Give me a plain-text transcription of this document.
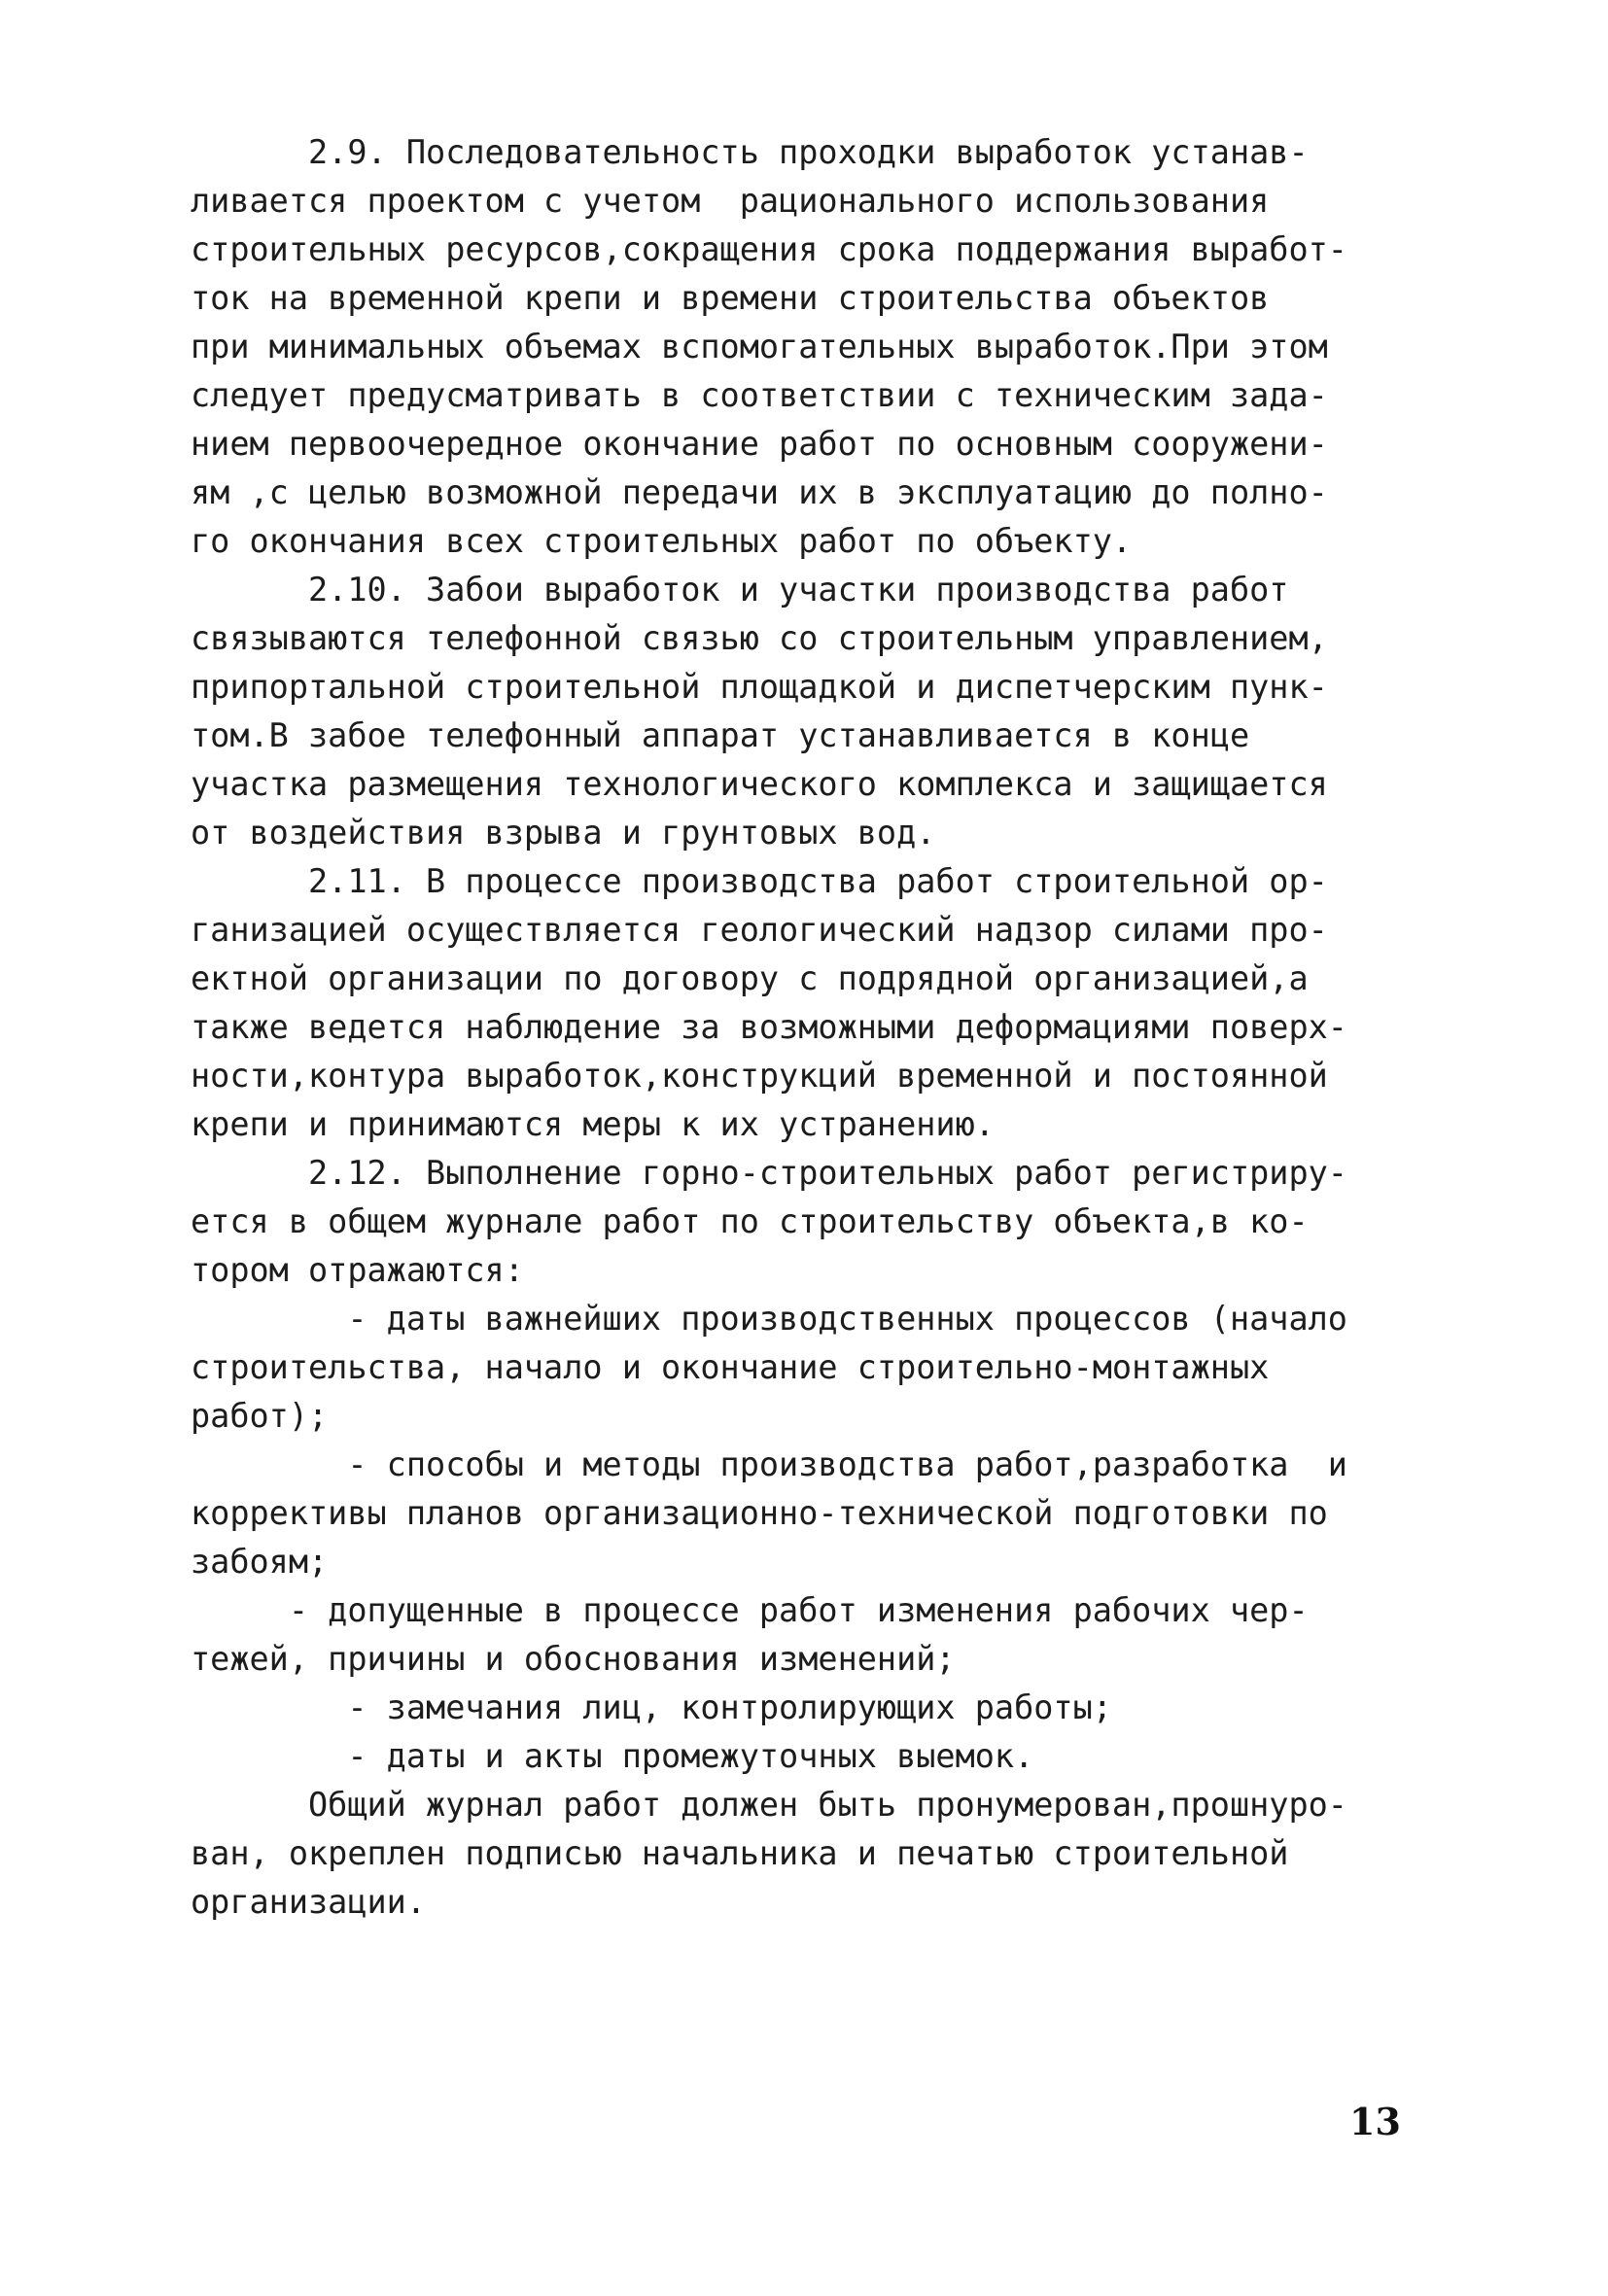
2.9. Последовательность проходки выработок устанав-
ливается проектом с учетом  рационального использования
строительных ресурсов,сокращения срока поддержания выработ-
ток на временной крепи и времени строительства объектов
при минимальных объемах вспомогательных выработок.При этом
следует предусматривать в соответствии с техническим зада-
нием первоочередное окончание работ по основным сооружени-
ям ,с целью возможной передачи их в эксплуатацию до полно-
го окончания всех строительных работ по объекту.
2.10. Забои выработок и участки производства работ
связываются телефонной связью со строительным управлением,
припортальной строительной площадкой и диспетчерским пунк-
том.В забое телефонный аппарат устанавливается в конце
участка размещения технологического комплекса и защищается
от воздействия взрыва и грунтовых вод.
2.11. В процессе производства работ строительной ор-
ганизацией осуществляется геологический надзор силами про-
ектной организации по договору с подрядной организацией,а
также ведется наблюдение за возможными деформациями поверх-
ности,контура выработок,конструкций временной и постоянной
крепи и принимаются меры к их устранению.
2.12. Выполнение горно-строительных работ регистриру-
ется в общем журнале работ по строительству объекта,в ко-
тором отражаются:
- даты важнейших производственных процессов (начало
строительства, начало и окончание строительно-монтажных
работ);
- способы и методы производства работ,разработка  и
коррективы планов организационно-технической подготовки по
забоям;
- допущенные в процессе работ изменения рабочих чер-
тежей, причины и обоснования изменений;
- замечания лиц, контролирующих работы;
- даты и акты промежуточных выемок.
Общий журнал работ должен быть пронумерован,прошнуро-
ван, окреплен подписью начальника и печатью строительной
организации.
13
